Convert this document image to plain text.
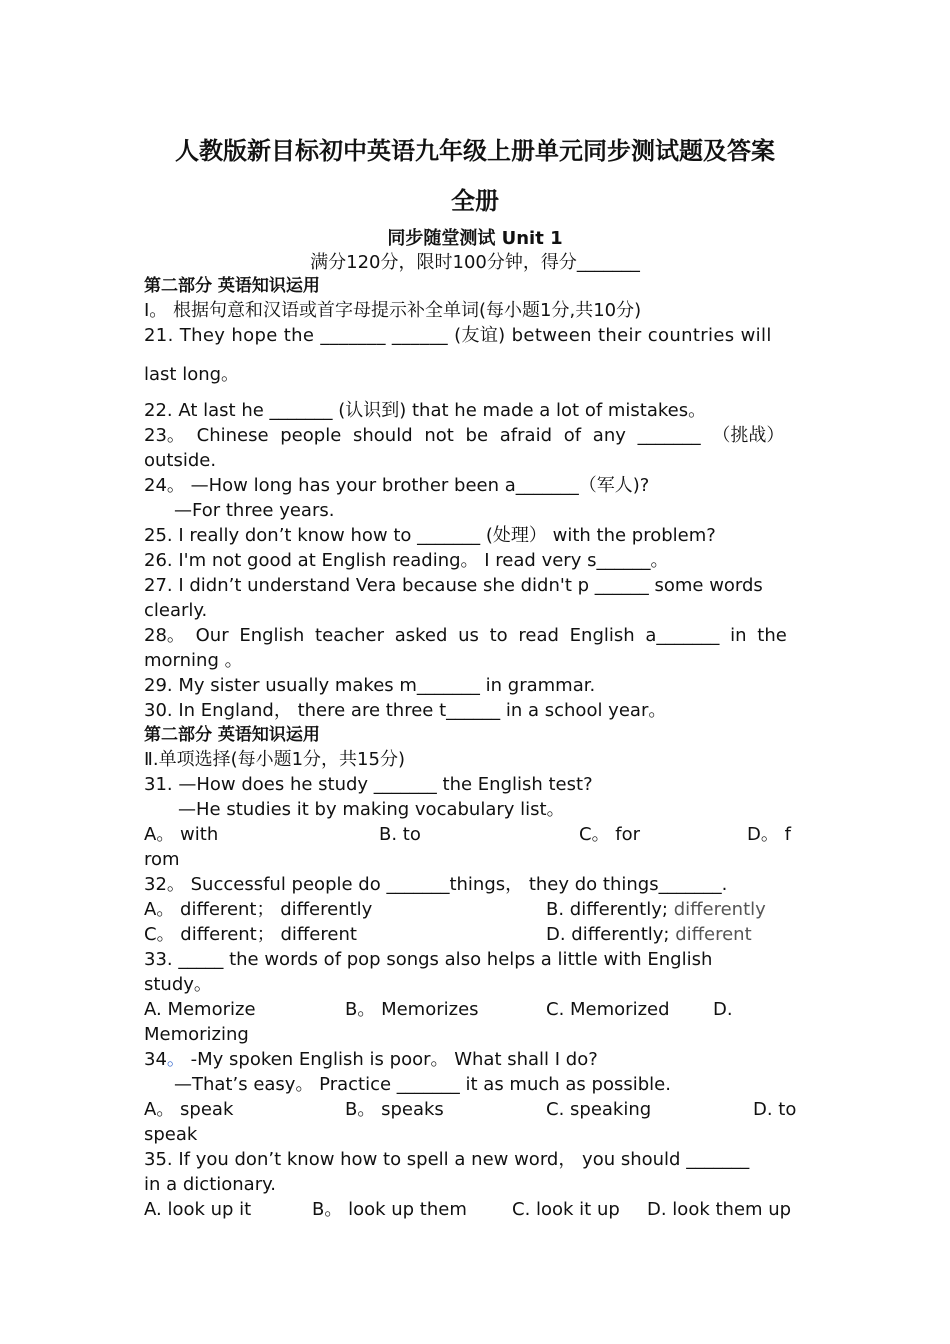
人教版新目标初中英语九年级上册单元同步测试题及答案
全册
同步随堂测试 Unit 1
满分120分，限时100分钟，得分_______
第二部分 英语知识运用
Ⅰ。 根据句意和汉语或首字母提示补全单词(每小题1分,共10分)
21. They hope the _______ ______ (友谊) between their countries will
last long。
22. At last he _______ (认识到) that he made a lot of mistakes。
23。 Chinese people should not be afraid of any _______ （挑战）
outside.
24。 —How long has your brother been a_______（军人)?
—For three years.
25. I really don’t know how to _______ (处理） with the problem?
26. I'm not good at English reading。 I read very s______。
27. I didn’t understand Vera because she didn't p ______ some words
clearly.
28。 Our English teacher asked us to read English a_______ in the
morning 。
29. My sister usually makes m_______ in grammar.
30. In England， there are three t______ in a school year。
第二部分 英语知识运用
Ⅱ.单项选择(每小题1分，共15分)
31. —How does he study _______ the English test?
—He studies it by making vocabulary list。
A。 with	B. to	C。 for	D。 f
rom
32。 Successful people do _______things， they do things_______.
A。 different； differently	B. differently; differently
C。 different； different	D. differently; different
33. _____ the words of pop songs also helps a little with English
study。
A. Memorize	B。 Memorizes	C. Memorized D.
Memorizing
34。 -My spoken English is poor。 What shall I do?
—That’s easy。 Practice _______ it as much as possible.
A。 speak	B。 speaks	C. speaking	D. to
speak
35. If you don’t know how to spell a new word， you should _______
in a dictionary.
A. look up it	B。 look up them	C. look it up D. look them up
